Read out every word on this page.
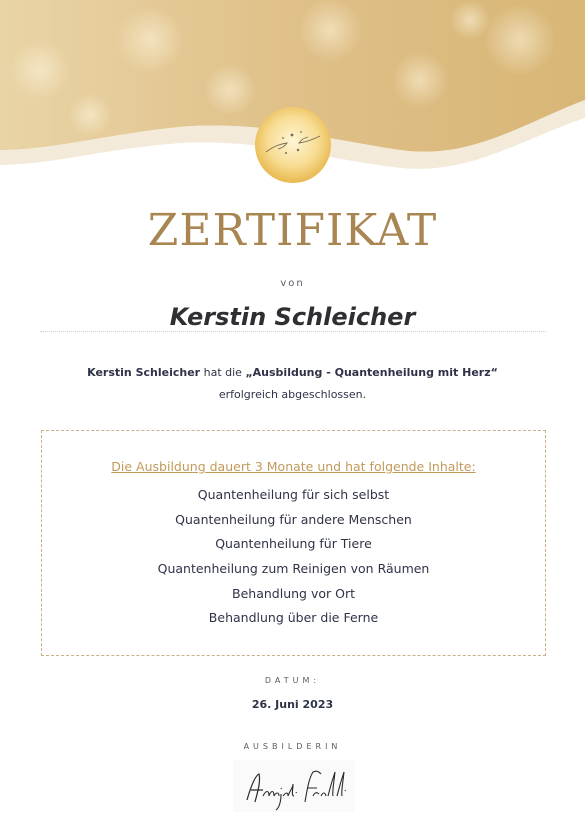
ZERTIFIKAT
von
Kerstin Schleicher
Kerstin Schleicher hat die „Ausbildung - Quantenheilung mit Herz“
erfolgreich abgeschlossen.
Die Ausbildung dauert 3 Monate und hat folgende Inhalte:
Quantenheilung für sich selbst
Quantenheilung für andere Menschen
Quantenheilung für Tiere
Quantenheilung zum Reinigen von Räumen
Behandlung vor Ort
Behandlung über die Ferne
DATUM:
26. Juni 2023
AUSBILDERIN
